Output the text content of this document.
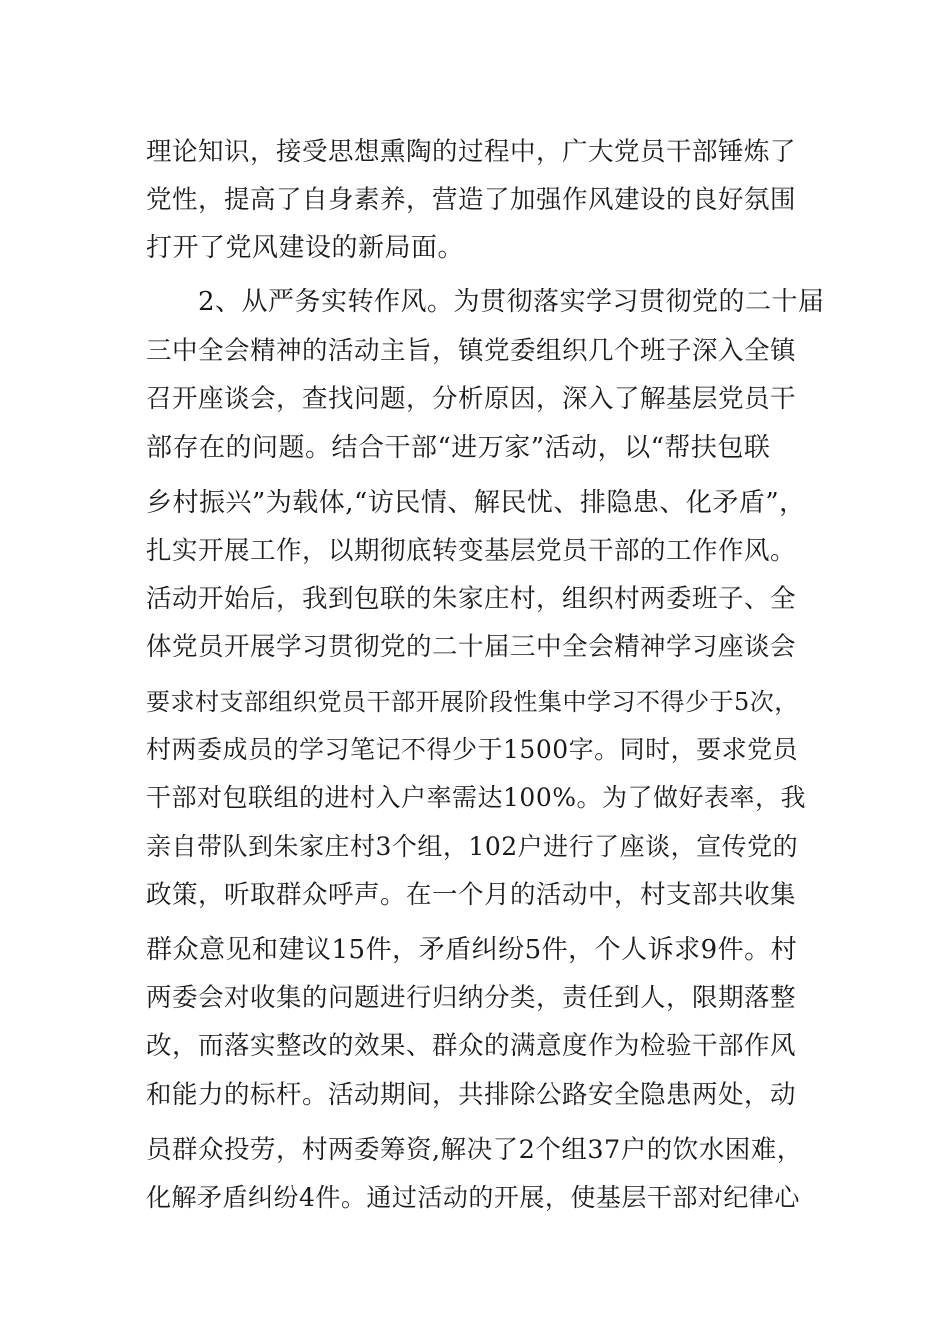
理论知识，接受思想熏陶的过程中，广大党员干部锤炼了
党性，提高了自身素养，营造了加强作风建设的良好氛围
打开了党风建设的新局面。
2、从严务实转作风。为贯彻落实学习贯彻党的二十届
三中全会精神的活动主旨，镇党委组织几个班子深入全镇
召开座谈会，查找问题，分析原因，深入了解基层党员干
部存在的问题。结合干部“进万家”活动，以“帮扶包联
乡村振兴”为载体,“访民情、解民忧、排隐患、化矛盾”，
扎实开展工作，以期彻底转变基层党员干部的工作作风。
活动开始后，我到包联的朱家庄村，组织村两委班子、全
体党员开展学习贯彻党的二十届三中全会精神学习座谈会
要求村支部组织党员干部开展阶段性集中学习不得少于5次，
村两委成员的学习笔记不得少于1500字。同时，要求党员
干部对包联组的进村入户率需达100%。为了做好表率，我
亲自带队到朱家庄村3个组，102户进行了座谈，宣传党的
政策，听取群众呼声。在一个月的活动中，村支部共收集
群众意见和建议15件，矛盾纠纷5件，个人诉求9件。村
两委会对收集的问题进行归纳分类，责任到人，限期落整
改，而落实整改的效果、群众的满意度作为检验干部作风
和能力的标杆。活动期间，共排除公路安全隐患两处，动
员群众投劳，村两委筹资,解决了2个组37户的饮水困难，
化解矛盾纠纷4件。通过活动的开展，使基层干部对纪律心
